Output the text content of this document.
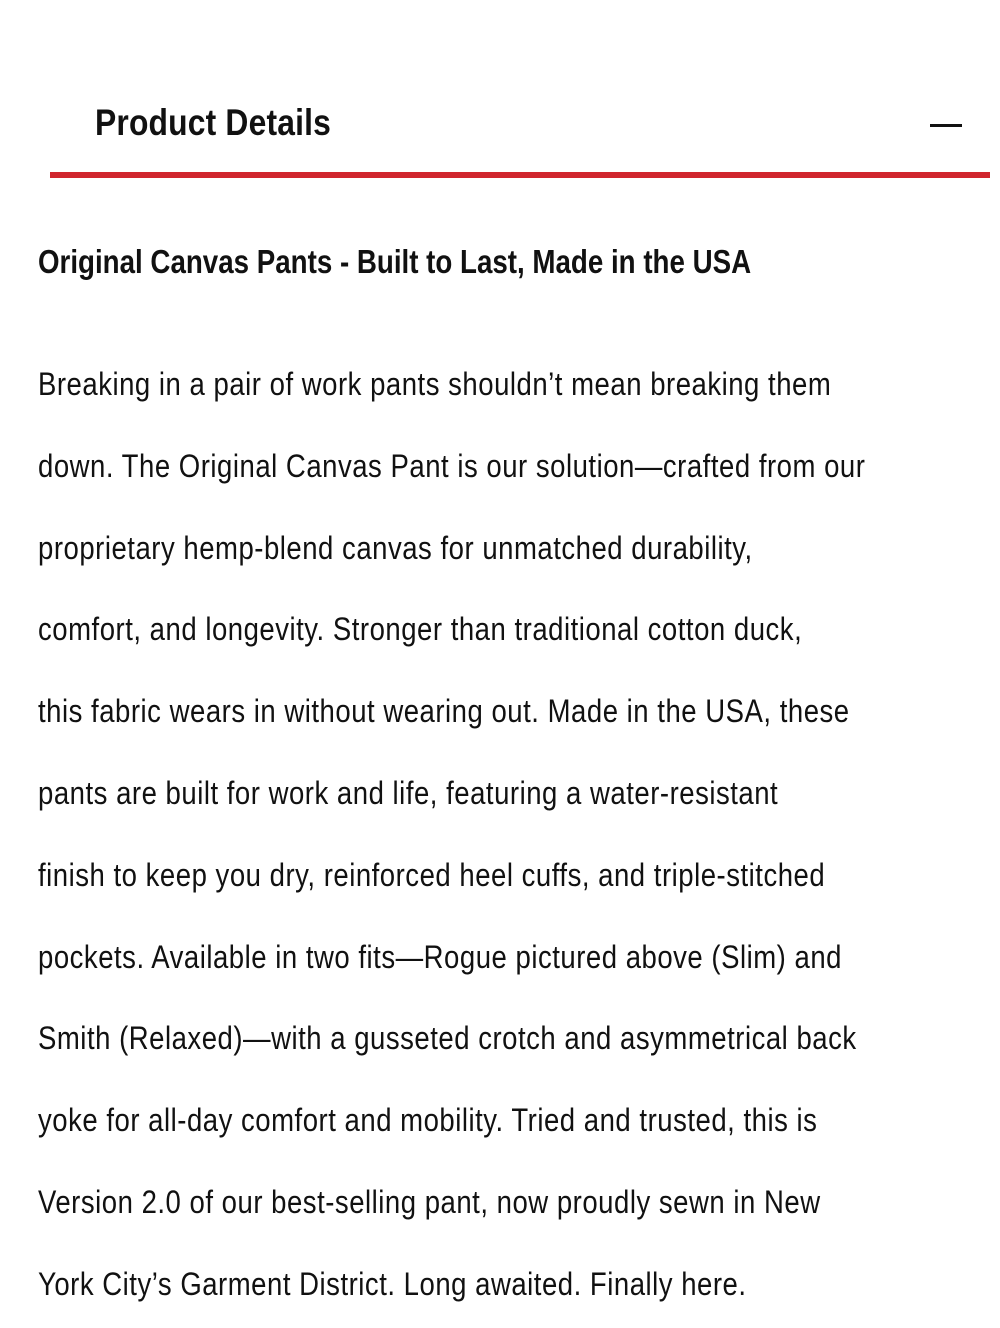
Product Details
Original Canvas Pants - Built to Last, Made in the USA

Breaking in a pair of work pants shouldn’t mean breaking them
down. The Original Canvas Pant is our solution—crafted from our
proprietary hemp-blend canvas for unmatched durability,
comfort, and longevity. Stronger than traditional cotton duck,
this fabric wears in without wearing out. Made in the USA, these
pants are built for work and life, featuring a water-resistant
finish to keep you dry, reinforced heel cuffs, and triple-stitched
pockets. Available in two fits—Rogue pictured above (Slim) and
Smith (Relaxed)—with a gusseted crotch and asymmetrical back
yoke for all-day comfort and mobility. Tried and trusted, this is
Version 2.0 of our best-selling pant, now proudly sewn in New
York City’s Garment District. Long awaited. Finally here.
